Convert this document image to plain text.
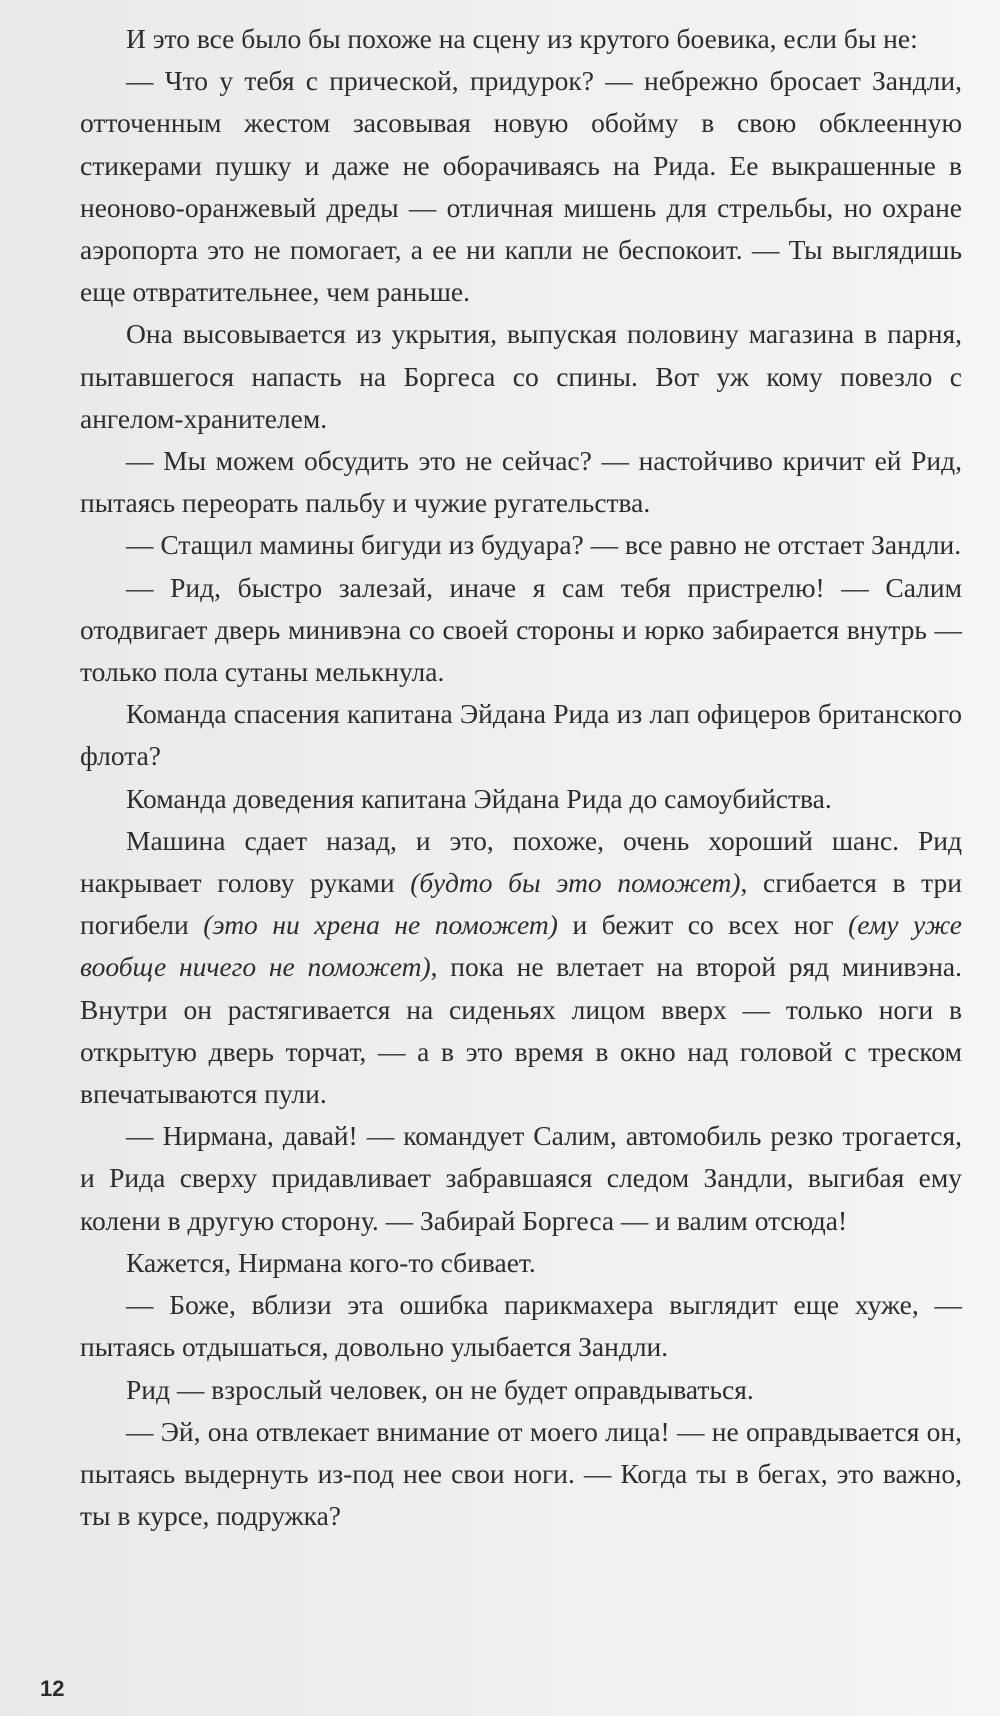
И это все было бы похоже на сцену из крутого боевика, если бы не:

— Что у тебя с прической, придурок? — небрежно бросает Зандли, отточенным жестом засовывая новую обойму в свою обклеенную стикерами пушку и даже не оборачиваясь на Рида. Ее выкрашенные в неоново-оранжевый дреды — отличная мишень для стрельбы, но охране аэропорта это не помогает, а ее ни капли не беспокоит. — Ты выглядишь еще отвратительнее, чем раньше.

Она высовывается из укрытия, выпуская половину магазина в парня, пытавшегося напасть на Боргеса со спины. Вот уж кому повезло с ангелом-хранителем.

— Мы можем обсудить это не сейчас? — настойчиво кричит ей Рид, пытаясь переорать пальбу и чужие ругательства.

— Стащил мамины бигуди из будуара? — все равно не отстает Зандли.

— Рид, быстро залезай, иначе я сам тебя пристрелю! — Салим отодвигает дверь минивэна со своей стороны и юрко забирается внутрь — только пола сутаны мелькнула.

Команда спасения капитана Эйдана Рида из лап офицеров британского флота?

Команда доведения капитана Эйдана Рида до самоубийства.

Машина сдает назад, и это, похоже, очень хороший шанс. Рид накрывает голову руками (будто бы это поможет), сгибается в три погибели (это ни хрена не поможет) и бежит со всех ног (ему уже вообще ничего не поможет), пока не влетает на второй ряд минивэна. Внутри он растягивается на сиденьях лицом вверх — только ноги в открытую дверь торчат, — а в это время в окно над головой с треском впечатываются пули.

— Нирмана, давай! — командует Салим, автомобиль резко трогается, и Рида сверху придавливает забравшаяся следом Зандли, выгибая ему колени в другую сторону. — Забирай Боргеса — и валим отсюда!

Кажется, Нирмана кого-то сбивает.

— Боже, вблизи эта ошибка парикмахера выглядит еще хуже, — пытаясь отдышаться, довольно улыбается Зандли.

Рид — взрослый человек, он не будет оправдываться.

— Эй, она отвлекает внимание от моего лица! — не оправдывается он, пытаясь выдернуть из-под нее свои ноги. — Когда ты в бегах, это важно, ты в курсе, подружка?

12
